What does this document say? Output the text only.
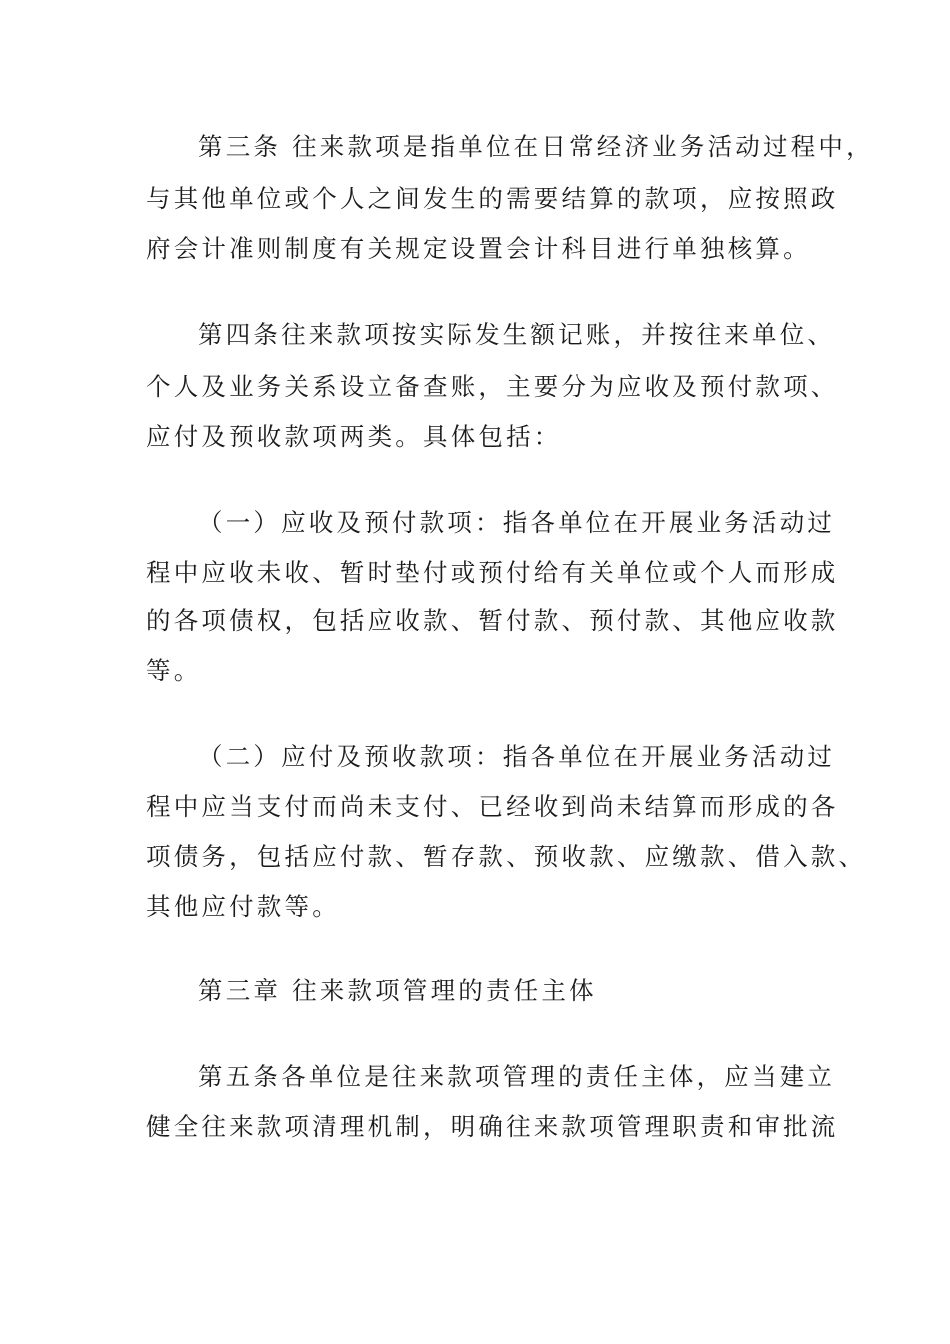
第三条 往来款项是指单位在日常经济业务活动过程中，
与其他单位或个人之间发生的需要结算的款项，应按照政
府会计准则制度有关规定设置会计科目进行单独核算。
第四条往来款项按实际发生额记账，并按往来单位、
个人及业务关系设立备查账，主要分为应收及预付款项、
应付及预收款项两类。具体包括：
（一）应收及预付款项：指各单位在开展业务活动过
程中应收未收、暂时垫付或预付给有关单位或个人而形成
的各项债权，包括应收款、暂付款、预付款、其他应收款
等。
（二）应付及预收款项：指各单位在开展业务活动过
程中应当支付而尚未支付、已经收到尚未结算而形成的各
项债务，包括应付款、暂存款、预收款、应缴款、借入款、
其他应付款等。
第三章 往来款项管理的责任主体
第五条各单位是往来款项管理的责任主体，应当建立
健全往来款项清理机制，明确往来款项管理职责和审批流
